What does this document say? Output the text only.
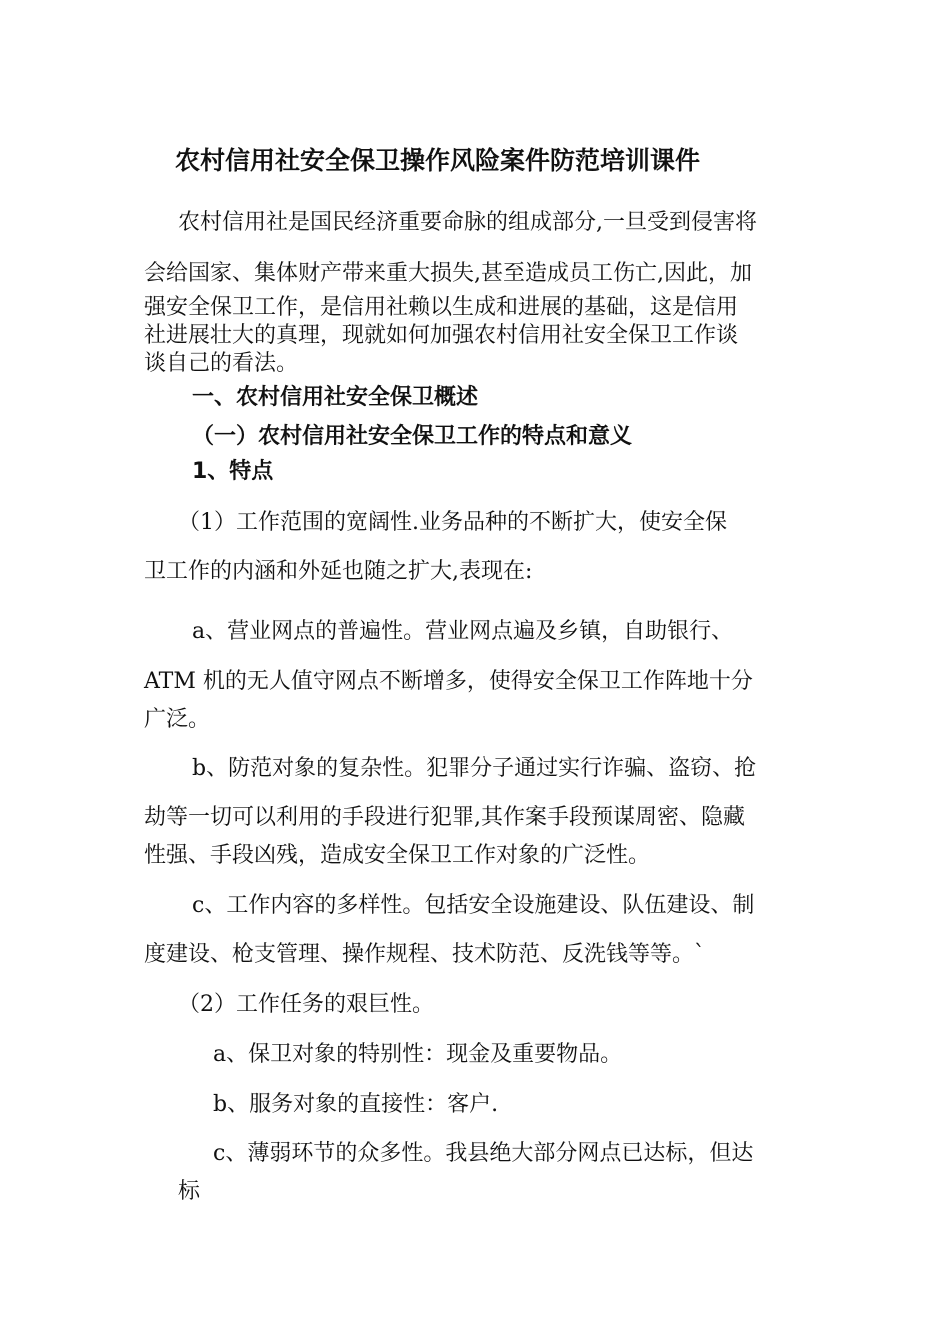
农村信用社安全保卫操作风险案件防范培训课件

农村信用社是国民经济重要命脉的组成部分,一旦受到侵害将

会给国家、集体财产带来重大损失,甚至造成员工伤亡,因此，加

强安全保卫工作，是信用社赖以生成和进展的基础，这是信用

社进展壮大的真理，现就如何加强农村信用社安全保卫工作谈

谈自己的看法。

一、农村信用社安全保卫概述
（一）农村信用社安全保卫工作的特点和意义
1、特点

（1）工作范围的宽阔性.业务品种的不断扩大，使安全保

卫工作的内涵和外延也随之扩大,表现在:

a、营业网点的普遍性。营业网点遍及乡镇，自助银行、

ATM 机的无人值守网点不断增多，使得安全保卫工作阵地十分

广泛。

b、防范对象的复杂性。犯罪分子通过实行诈骗、盗窃、抢

劫等一切可以利用的手段进行犯罪,其作案手段预谋周密、隐藏

性强、手段凶残，造成安全保卫工作对象的广泛性。

c、工作内容的多样性。包括安全设施建设、队伍建设、制

度建设、枪支管理、操作规程、技术防范、反洗钱等等。`

（2）工作任务的艰巨性。

a、保卫对象的特别性：现金及重要物品。

b、服务对象的直接性：客户.

c、薄弱环节的众多性。我县绝大部分网点已达标，但达

标
